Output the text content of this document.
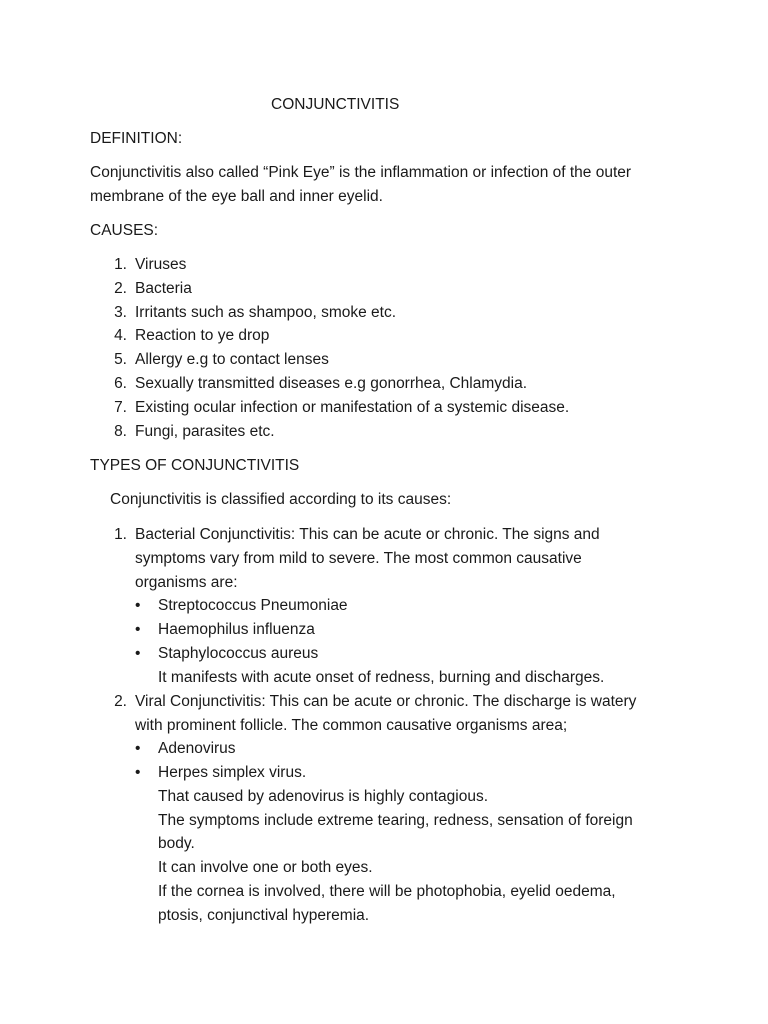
CONJUNCTIVITIS
DEFINITION:
Conjunctivitis also called “Pink Eye” is the inflammation or infection of the outer
membrane of the eye ball and inner eyelid.
CAUSES:
1. Viruses
2. Bacteria
3. Irritants such as shampoo, smoke etc.
4. Reaction to ye drop
5. Allergy e.g to contact lenses
6. Sexually transmitted diseases e.g gonorrhea, Chlamydia.
7. Existing ocular infection or manifestation of a systemic disease.
8. Fungi, parasites etc.
TYPES OF CONJUNCTIVITIS
Conjunctivitis is classified according to its causes:
1. Bacterial Conjunctivitis: This can be acute or chronic. The signs and
symptoms vary from mild to severe. The most common causative
organisms are:
• Streptococcus Pneumoniae
• Haemophilus influenza
• Staphylococcus aureus
It manifests with acute onset of redness, burning and discharges.
2. Viral Conjunctivitis: This can be acute or chronic. The discharge is watery
with prominent follicle. The common causative organisms area;
• Adenovirus
• Herpes simplex virus.
That caused by adenovirus is highly contagious.
The symptoms include extreme tearing, redness, sensation of foreign
body.
It can involve one or both eyes.
If the cornea is involved, there will be photophobia, eyelid oedema,
ptosis, conjunctival hyperemia.
